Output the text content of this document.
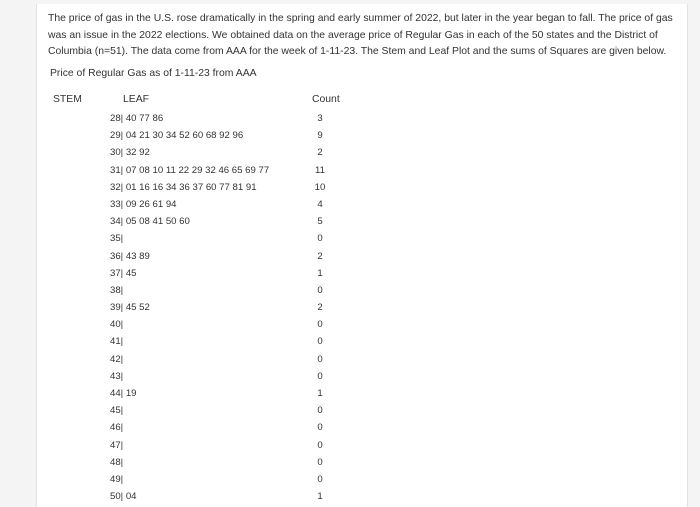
The price of gas in the U.S. rose dramatically in the spring and early summer of 2022, but later in the year began to fall. The price of gas was an issue in the 2022 elections. We obtained data on the average price of Regular Gas in each of the 50 states and the District of Columbia (n=51). The data come from AAA for the week of 1-11-23. The Stem and Leaf Plot and the sums of Squares are given below.

Price of Regular Gas as of 1-11-23 from AAA

STEM	LEAF	Count
28| 40 77 86	3
29| 04 21 30 34 52 60 68 92 96	9
30| 32 92	2
31| 07 08 10 11 22 29 32 46 65 69 77	11
32| 01 16 16 34 36 37 60 77 81 91	10
33| 09 26 61 94	4
34| 05 08 41 50 60	5
35|	0
36| 43 89	2
37| 45	1
38|	0
39| 45 52	2
40|	0
41|	0
42|	0
43|	0
44| 19	1
45|	0
46|	0
47|	0
48|	0
49|	0
50| 04	1
